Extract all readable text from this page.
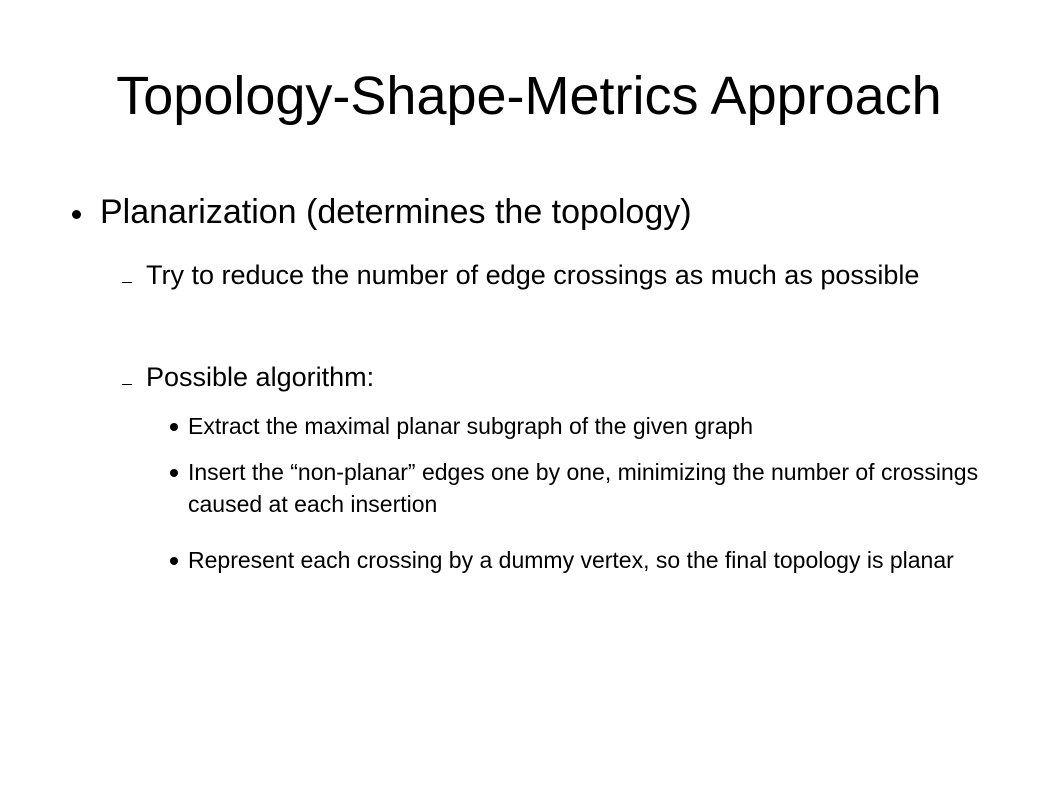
Topology-Shape-Metrics Approach
Planarization (determines the topology)
Try to reduce the number of edge crossings as much as possible
Possible algorithm:
Extract the maximal planar subgraph of the given graph
Insert the “non-planar” edges one by one, minimizing the number of crossings caused at each insertion
Represent each crossing by a dummy vertex, so the final topology is planar
